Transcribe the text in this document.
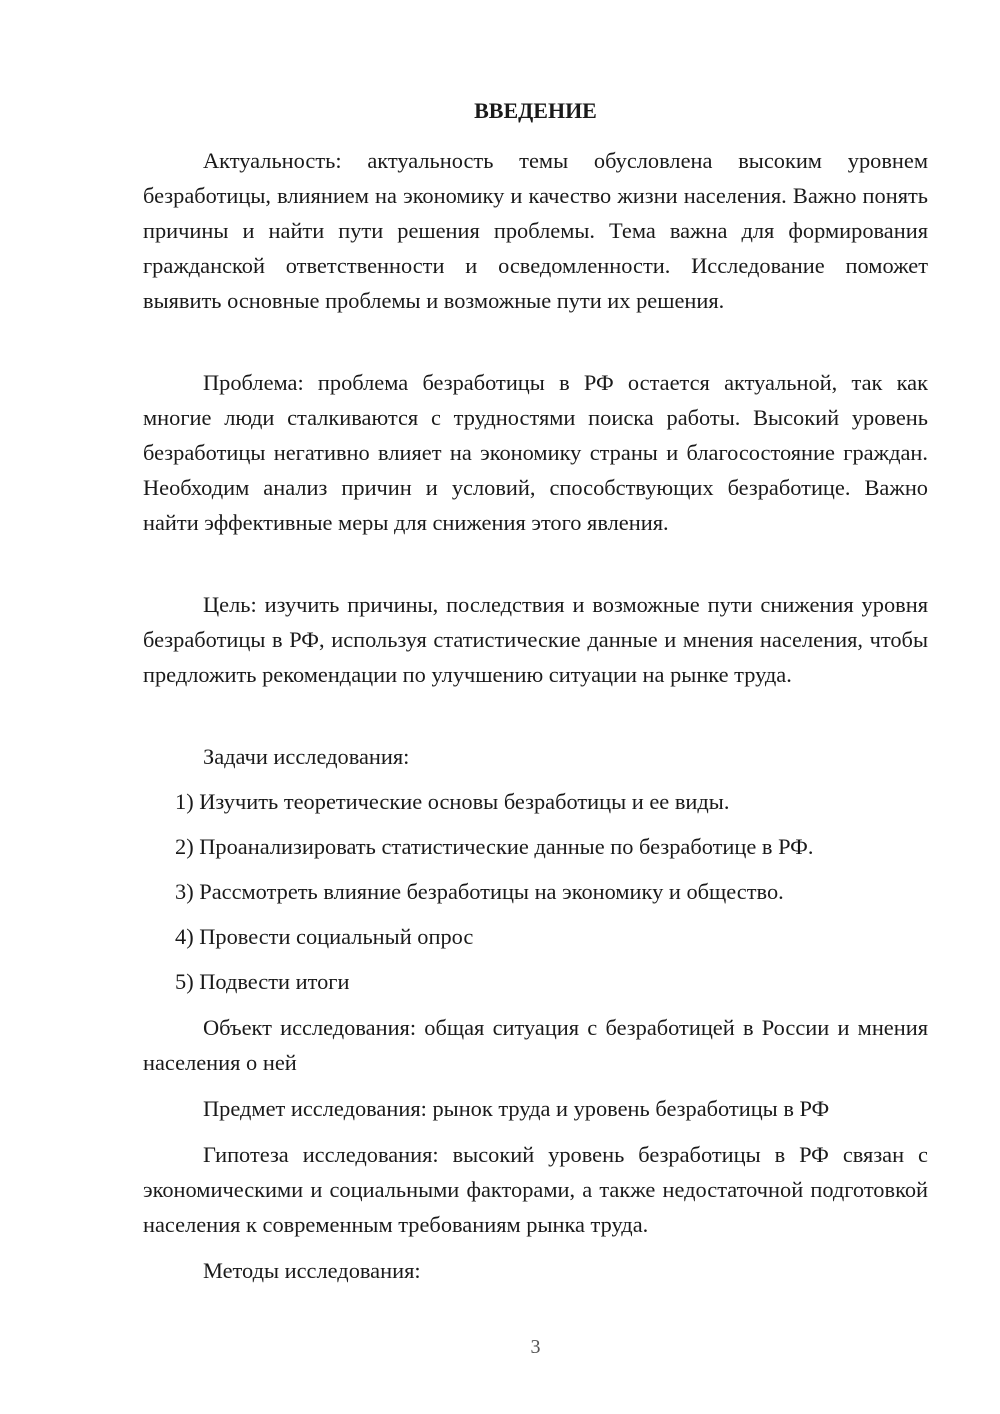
ВВЕДЕНИЕ

Актуальность: актуальность темы обусловлена высоким уровнем безработицы, влиянием на экономику и качество жизни населения. Важно понять причины и найти пути решения проблемы. Тема важна для формирования гражданской ответственности и осведомленности. Исследование поможет выявить основные проблемы и возможные пути их решения.

Проблема: проблема безработицы в РФ остается актуальной, так как многие люди сталкиваются с трудностями поиска работы. Высокий уровень безработицы негативно влияет на экономику страны и благосостояние граждан. Необходим анализ причин и условий, способствующих безработице. Важно найти эффективные меры для снижения этого явления.

Цель: изучить причины, последствия и возможные пути снижения уровня безработицы в РФ, используя статистические данные и мнения населения, чтобы предложить рекомендации по улучшению ситуации на рынке труда.

Задачи исследования:

1) Изучить теоретические основы безработицы и ее виды.

2) Проанализировать статистические данные по безработице в РФ.

3) Рассмотреть влияние безработицы на экономику и общество.

4) Провести социальный опрос

5) Подвести итоги

Объект исследования: общая ситуация с безработицей в России и мнения населения о ней

Предмет исследования: рынок труда и уровень безработицы в РФ

Гипотеза исследования: высокий уровень безработицы в РФ связан с экономическими и социальными факторами, а также недостаточной подготовкой населения к современным требованиям рынка труда.

Методы исследования:

3
